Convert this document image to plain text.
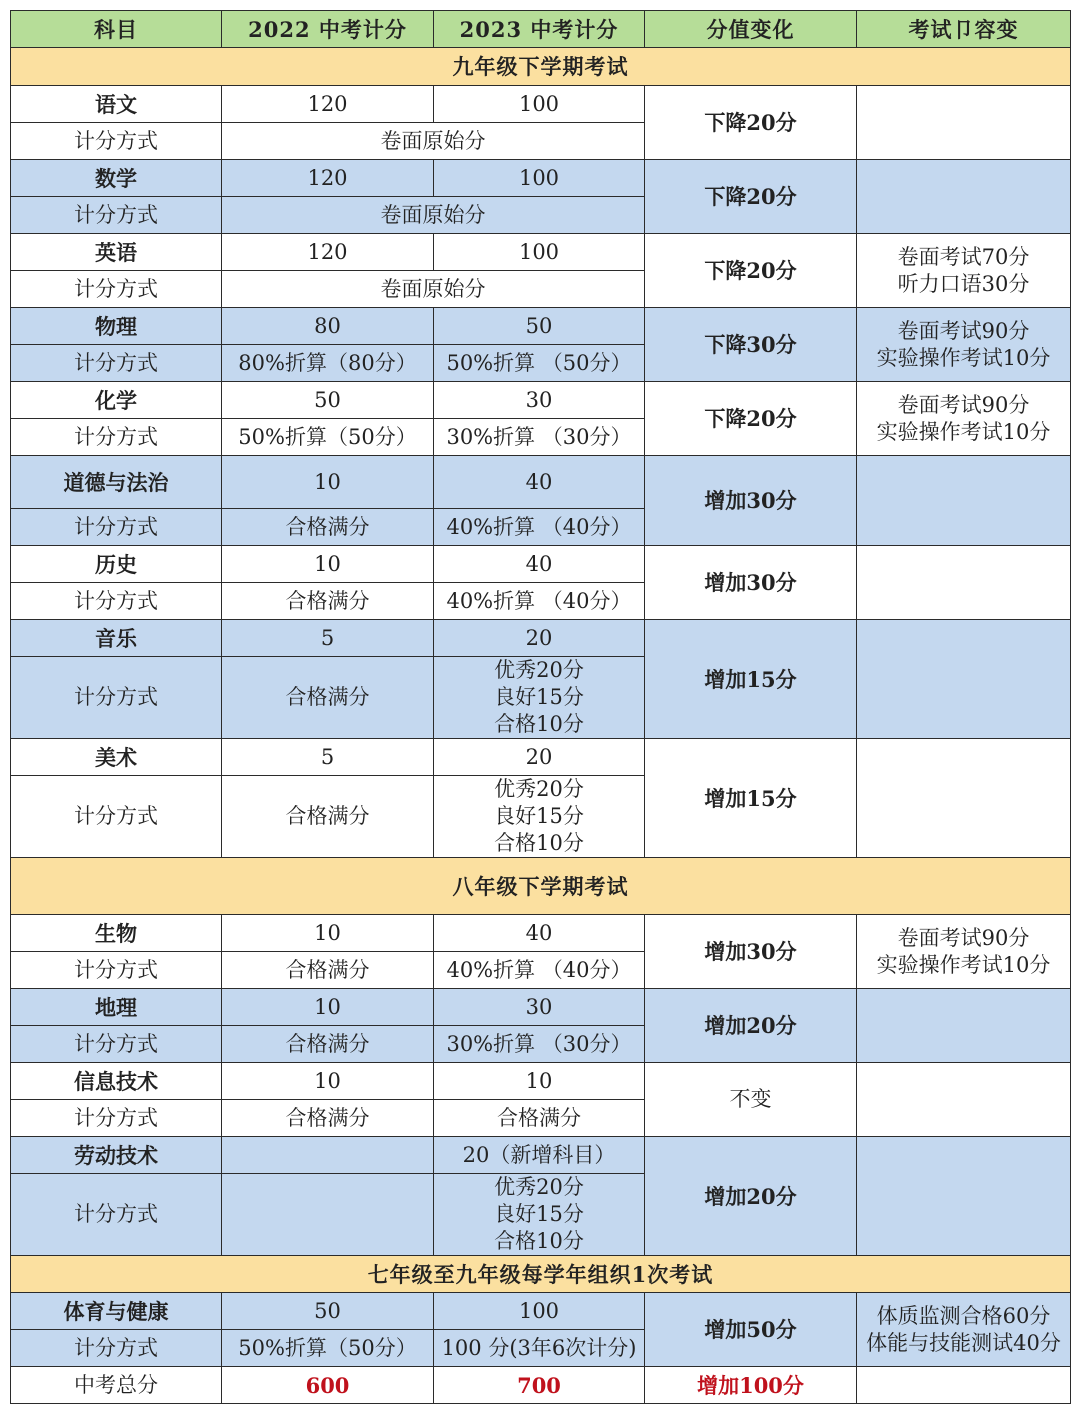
科目	2022 中考计分	2023 中考计分	分值变化	考试卩容变
九年级下学期考试				
语文	120	100	下降20分	
计分方式	卷面原始分			
数学	120	100	下降20分	
计分方式	卷面原始分			
英语	120	100	下降20分	卷面考试70分
听力口语30分

计分方式	卷面原始分			
物理	80	50	下降30分	卷面考试90分
实验操作考试10分

计分方式	80%折算（80分）	50%折算 （50分）		
化学	50	30	下降20分	卷面考试90分
实验操作考试10分

计分方式	50%折算（50分）	30%折算 （30分）		
道德与法治	10	40	增加30分	
计分方式	合格满分	40%折算 （40分）		
历史	10	40	增加30分	
计分方式	合格满分	40%折算 （40分）		
音乐	5	20	增加15分	
计分方式	合格满分	优秀20分
良好15分
合格10分		

美术	5	20	增加15分	
计分方式	合格满分	优秀20分
良好15分
合格10分		

八年级下学期考试				
生物	10	40	增加30分	卷面考试90分
实验操作考试10分

计分方式	合格满分	40%折算 （40分）		
地理	10	30	增加20分	
计分方式	合格满分	30%折算 （30分）		
信息技术	10	10	不变	
计分方式	合格满分	合格满分		
劳动技术		20（新增科目）	增加20分	
计分方式		优秀20分
良好15分
合格10分		

七年级至九年级每学年组织1次考试				
体育与健康	50	100	增加50分	体质监测合格60分
体能与技能测试40分

计分方式	50%折算（50分）	100 分(3年6次计分)		
中考总分	600	700	增加100分	
